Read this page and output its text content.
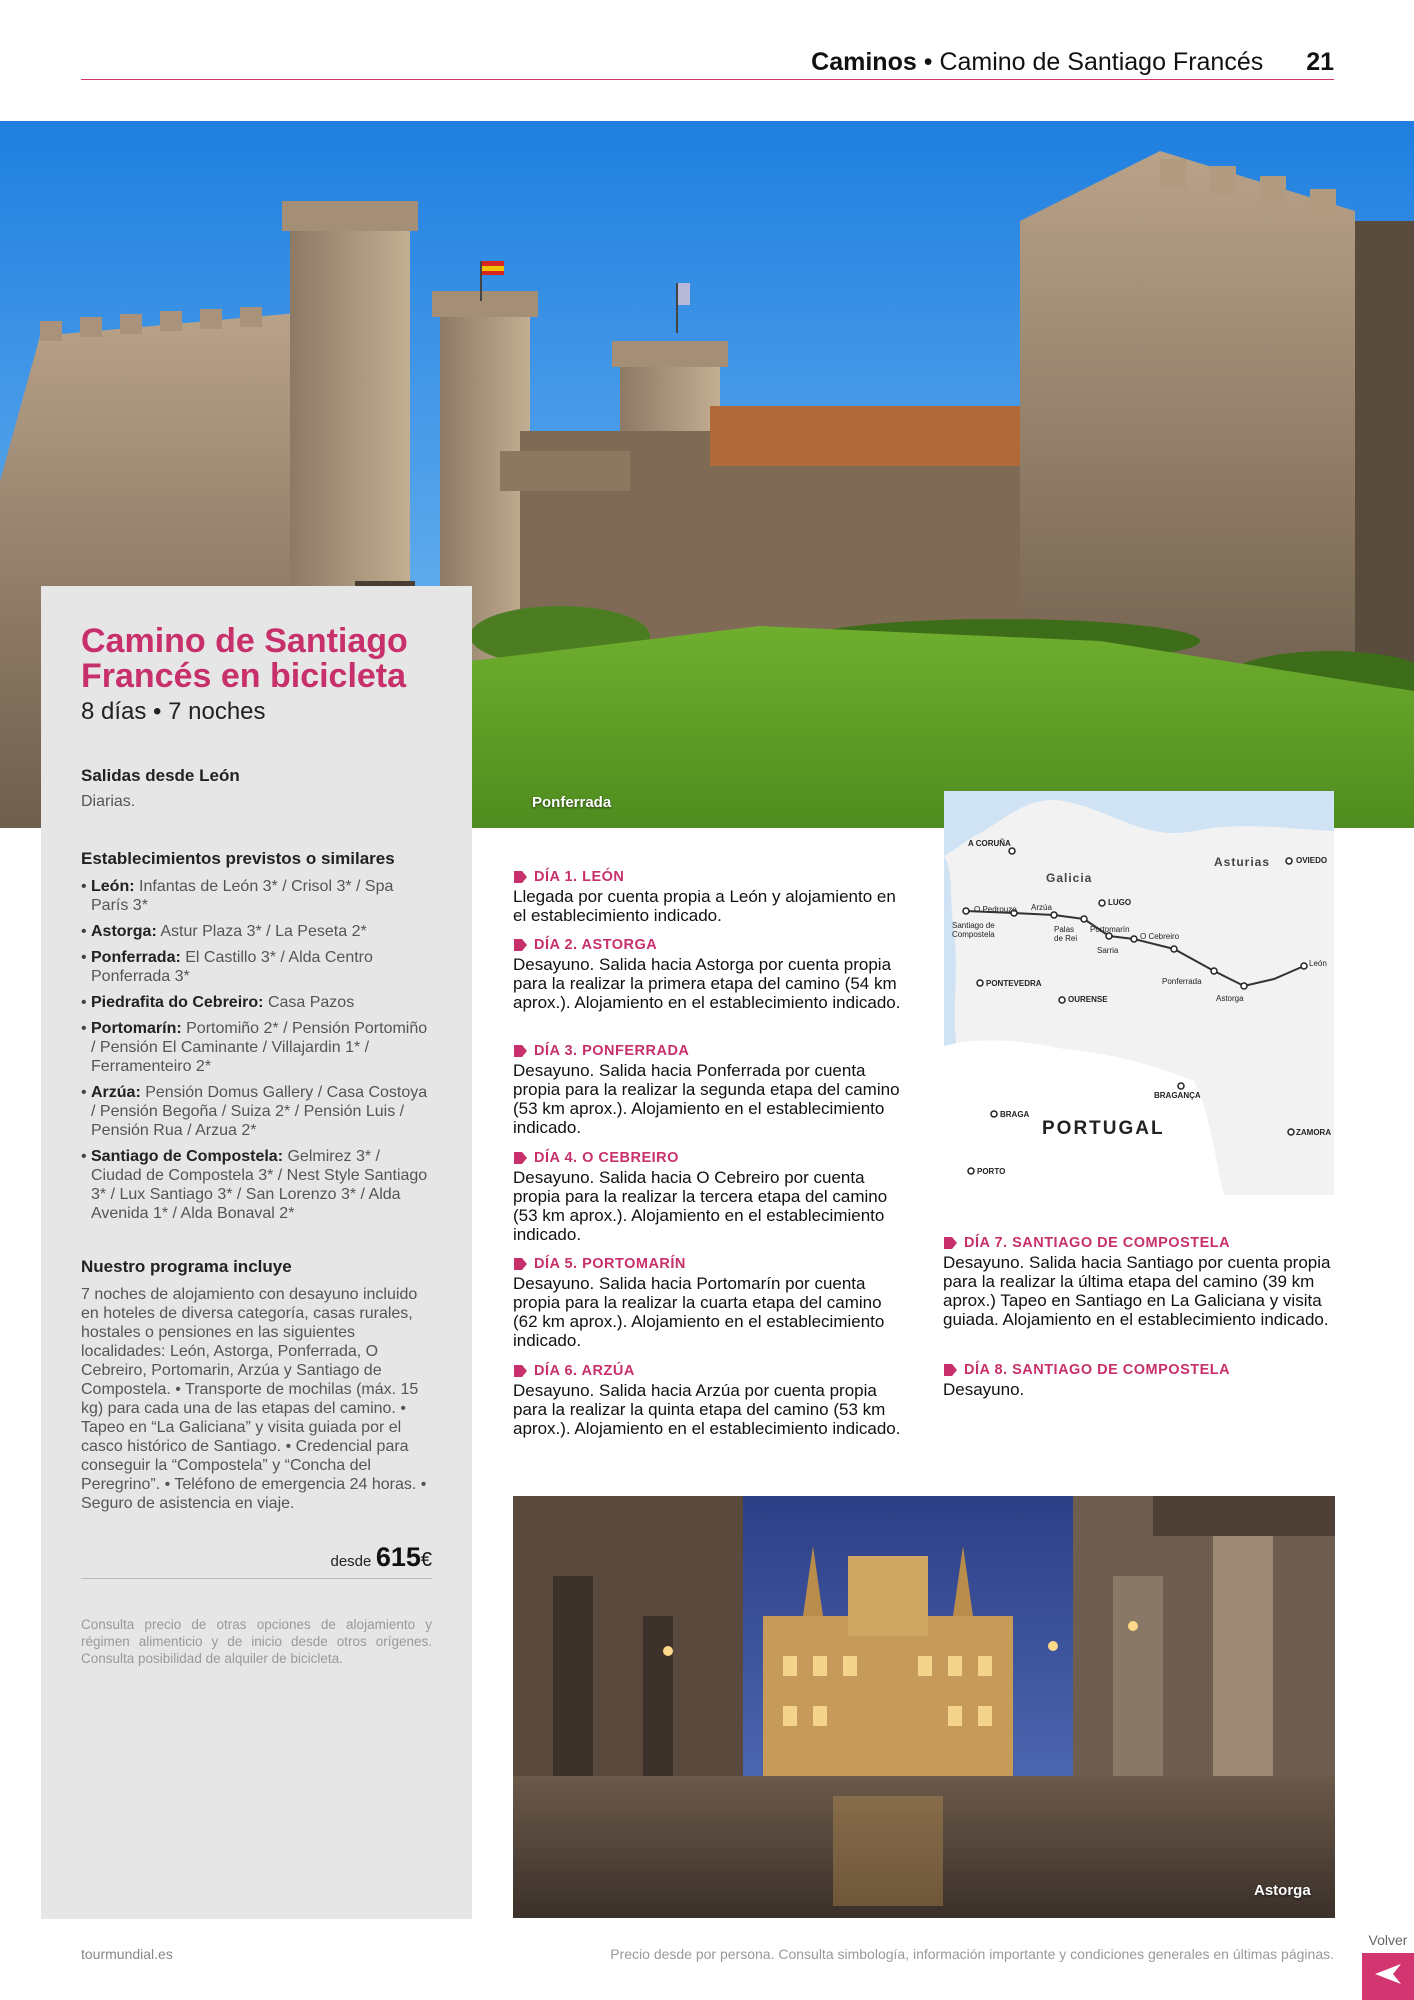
Caminos • Camino de Santiago Francés 21
Ponferrada
Camino de Santiago
Francés en bicicleta
8 días • 7 noches
Salidas desde León
Diarias.
Establecimientos previstos o similares
• León: Infantas de León 3* / Crisol 3* / Spa París 3*
• Astorga: Astur Plaza 3* / La Peseta 2*
• Ponferrada: El Castillo 3* / Alda Centro Ponferrada 3*
• Piedrafita do Cebreiro: Casa Pazos
• Portomarín: Portomiño 2* / Pensión Portomiño / Pensión El Caminante / Villajardin 1* / Ferramenteiro 2*
• Arzúa: Pensión Domus Gallery / Casa Costoya / Pensión Begoña / Suiza 2* / Pensión Luis / Pensión Rua / Arzua 2*
• Santiago de Compostela: Gelmirez 3* / Ciudad de Compostela 3* / Nest Style Santiago 3* / Lux Santiago 3* / San Lorenzo 3* / Alda Avenida 1* / Alda Bonaval 2*
Nuestro programa incluye
7 noches de alojamiento con desayuno incluido en hoteles de diversa categoría, casas rurales, hostales o pensiones en las siguientes localidades: León, Astorga, Ponferrada, O Cebreiro, Portomarin, Arzúa y Santiago de Compostela. • Transporte de mochilas (máx. 15 kg) para cada una de las etapas del camino. • Tapeo en “La Galiciana” y visita guiada por el casco histórico de Santiago. • Credencial para conseguir la “Compostela” y “Concha del Peregrino”. • Teléfono de emergencia 24 horas. • Seguro de asistencia en viaje.
desde 615€
Consulta precio de otras opciones de alojamiento y régimen alimenticio y de inicio desde otros orígenes. Consulta posibilidad de alquiler de bicicleta.
DÍA 1. LEÓN
Llegada por cuenta propia a León y alojamiento en el establecimiento indicado.
DÍA 2. ASTORGA
Desayuno. Salida hacia Astorga por cuenta propia para la realizar la primera etapa del camino (54 km aprox.). Alojamiento en el establecimiento indicado.
DÍA 3. PONFERRADA
Desayuno. Salida hacia Ponferrada por cuenta propia para la realizar la segunda etapa del camino (53 km aprox.). Alojamiento en el establecimiento indicado.
DÍA 4. O CEBREIRO
Desayuno. Salida hacia O Cebreiro por cuenta propia para la realizar la tercera etapa del camino (53 km aprox.). Alojamiento en el establecimiento indicado.
DÍA 5. PORTOMARÍN
Desayuno. Salida hacia Portomarín por cuenta propia para la realizar la cuarta etapa del camino (62 km aprox.). Alojamiento en el establecimiento indicado.
DÍA 6. ARZÚA
Desayuno. Salida hacia Arzúa por cuenta propia para la realizar la quinta etapa del camino (53 km aprox.). Alojamiento en el establecimiento indicado.
DÍA 7. SANTIAGO DE COMPOSTELA
Desayuno. Salida hacia Santiago por cuenta propia para la realizar la última etapa del camino (39 km aprox.) Tapeo en Santiago en La Galiciana y visita guiada. Alojamiento en el establecimiento indicado.
DÍA 8. SANTIAGO DE COMPOSTELA
Desayuno.
A CORUÑA
OVIEDO
Galicia
Asturias
LUGO
O Pedrouzo Arzúa
Santiago de Compostela
Portomarín
Palas de Rei	O Cebreiro
Sarria
León
PONTEVEDRA
OURENSE
Ponferrada
Astorga
BRAGANÇA
BRAGA
PORTUGAL	ZAMORA
PORTO
Astorga
tourmundial.es	Precio desde por persona. Consulta simbología, información importante y condiciones generales en últimas páginas.
Volver
